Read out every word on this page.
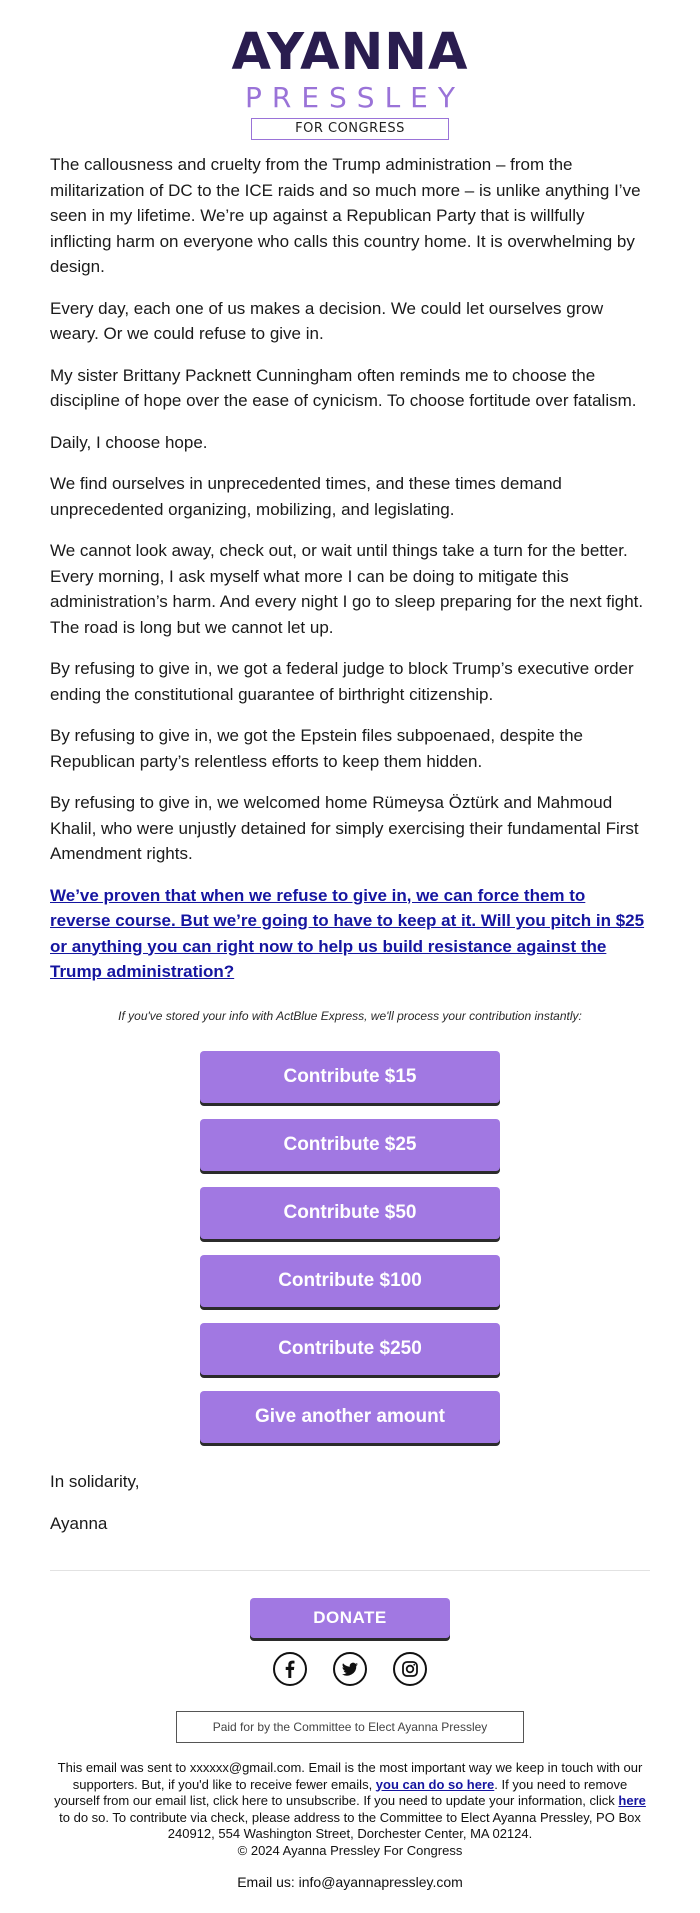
AYANNA
PRESSLEY
FOR CONGRESS

The callousness and cruelty from the Trump administration – from the militarization of DC to the ICE raids and so much more – is unlike anything I’ve seen in my lifetime. We’re up against a Republican Party that is willfully inflicting harm on everyone who calls this country home. It is overwhelming by design.

Every day, each one of us makes a decision. We could let ourselves grow weary. Or we could refuse to give in.

My sister Brittany Packnett Cunningham often reminds me to choose the discipline of hope over the ease of cynicism. To choose fortitude over fatalism.

Daily, I choose hope.

We find ourselves in unprecedented times, and these times demand unprecedented organizing, mobilizing, and legislating.

We cannot look away, check out, or wait until things take a turn for the better. Every morning, I ask myself what more I can be doing to mitigate this administration’s harm. And every night I go to sleep preparing for the next fight. The road is long but we cannot let up.

By refusing to give in, we got a federal judge to block Trump’s executive order ending the constitutional guarantee of birthright citizenship.

By refusing to give in, we got the Epstein files subpoenaed, despite the Republican party’s relentless efforts to keep them hidden.

By refusing to give in, we welcomed home Rümeysa Öztürk and Mahmoud Khalil, who were unjustly detained for simply exercising their fundamental First Amendment rights.

We’ve proven that when we refuse to give in, we can force them to reverse course. But we’re going to have to keep at it. Will you pitch in $25 or anything you can right now to help us build resistance against the Trump administration?
If you've stored your info with ActBlue Express, we'll process your contribution instantly:
Contribute $15
Contribute $25
Contribute $50
Contribute $100
Contribute $250
Give another amount
In solidarity,
Ayanna
DONATE
Paid for by the Committee to Elect Ayanna Pressley
This email was sent to xxxxxx@gmail.com. Email is the most important way we keep in touch with our supporters. But, if you'd like to receive fewer emails, you can do so here. If you need to remove yourself from our email list, click here to unsubscribe. If you need to update your information, click here to do so. To contribute via check, please address to the Committee to Elect Ayanna Pressley, PO Box 240912, 554 Washington Street, Dorchester Center, MA 02124.
© 2024 Ayanna Pressley For Congress
Email us: info@ayannapressley.com
